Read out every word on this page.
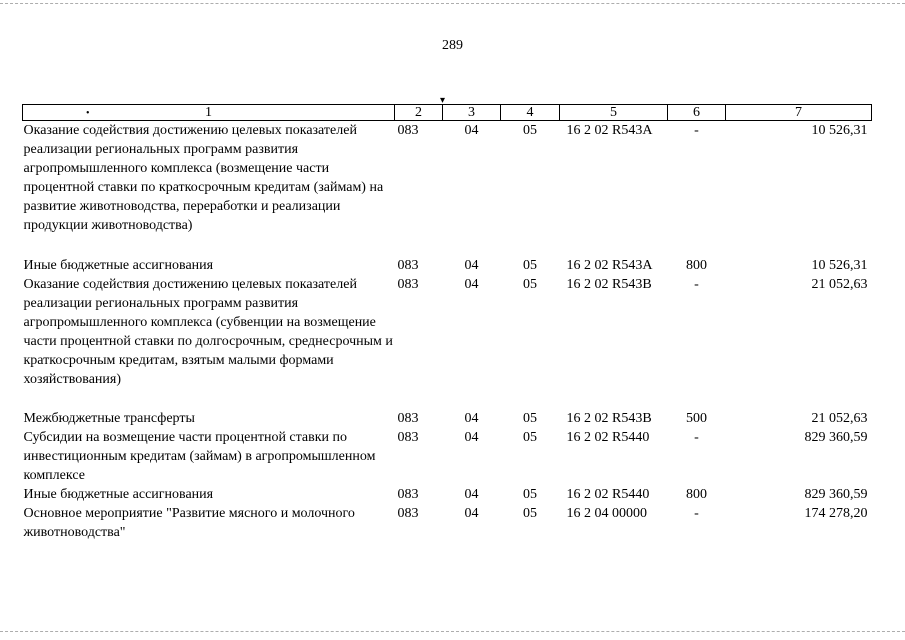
289
▾
1	2	3	4	5	6	7
Оказание содействия достижению целевых показателей реализации региональных программ развития агропромышленного комплекса (возмещение части процентной ставки по краткосрочным кредитам (займам) на развитие животноводства, переработки и реализации продукции животноводства)	083	04	05	16 2 02 R543A	-	10 526,31
Иные бюджетные ассигнования	083	04	05	16 2 02 R543A	800	10 526,31
Оказание содействия достижению целевых показателей реализации региональных программ развития агропромышленного комплекса (субвенции на возмещение части процентной ставки по долгосрочным, среднесрочным и краткосрочным кредитам, взятым малыми формами хозяйствования)	083	04	05	16 2 02 R543B	-	21 052,63
Межбюджетные трансферты	083	04	05	16 2 02 R543B	500	21 052,63
Субсидии на возмещение части процентной ставки по инвестиционным кредитам (займам) в агропромышленном комплексе	083	04	05	16 2 02 R5440	-	829 360,59
Иные бюджетные ассигнования	083	04	05	16 2 02 R5440	800	829 360,59
Основное мероприятие "Развитие мясного и молочного животноводства"	083	04	05	16 2 04 00000	-	174 278,20
•
